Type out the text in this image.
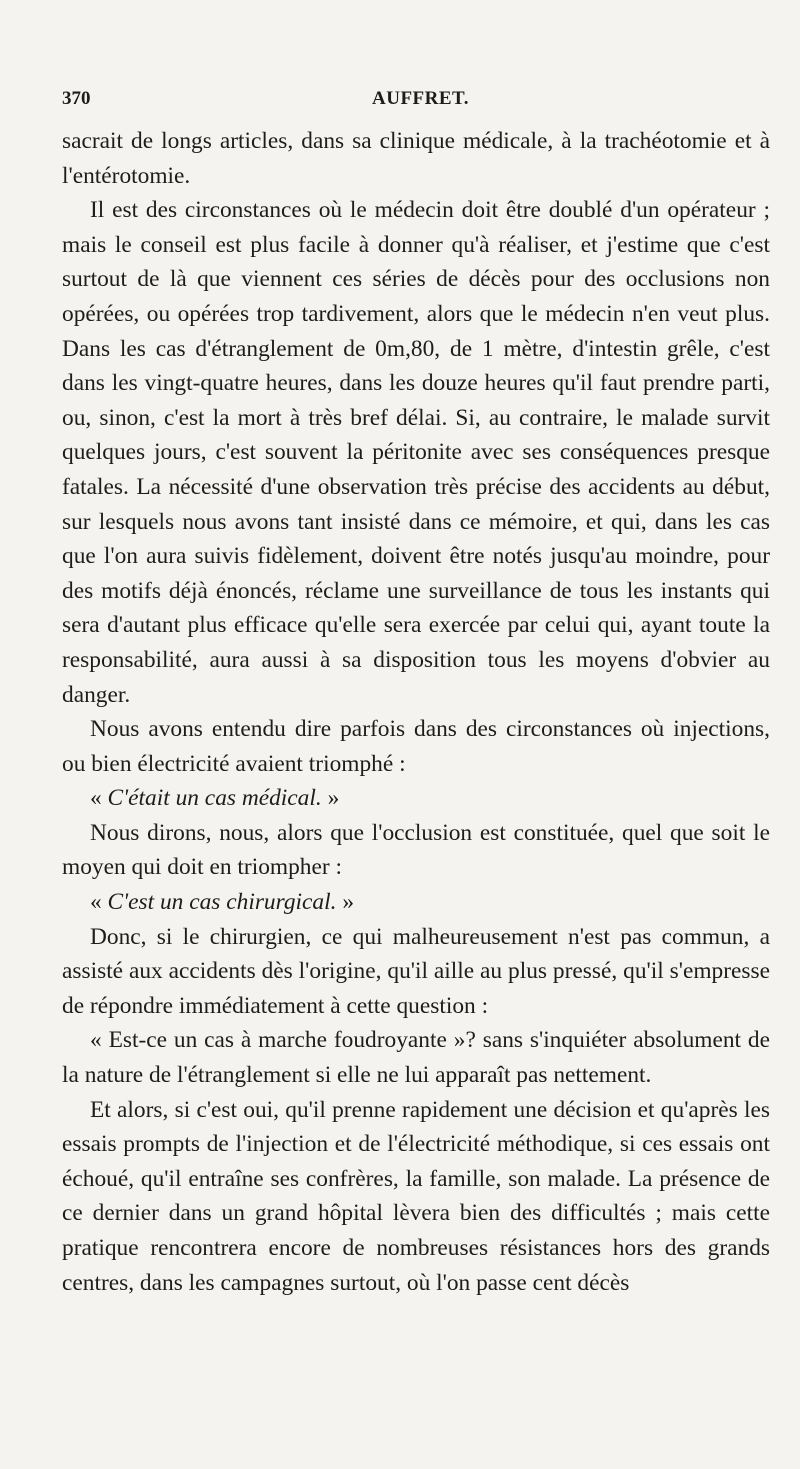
370	AUFFRET.

sacrait de longs articles, dans sa clinique médicale, à la trachéotomie et à l'entérotomie.

Il est des circonstances où le médecin doit être doublé d'un opérateur ; mais le conseil est plus facile à donner qu'à réaliser, et j'estime que c'est surtout de là que viennent ces séries de décès pour des occlusions non opérées, ou opérées trop tardivement, alors que le médecin n'en veut plus. Dans les cas d'étranglement de 0m,80, de 1 mètre, d'intestin grêle, c'est dans les vingt-quatre heures, dans les douze heures qu'il faut prendre parti, ou, sinon, c'est la mort à très bref délai. Si, au contraire, le malade survit quelques jours, c'est souvent la péritonite avec ses conséquences presque fatales. La nécessité d'une observation très précise des accidents au début, sur lesquels nous avons tant insisté dans ce mémoire, et qui, dans les cas que l'on aura suivis fidèlement, doivent être notés jusqu'au moindre, pour des motifs déjà énoncés, réclame une surveillance de tous les instants qui sera d'autant plus efficace qu'elle sera exercée par celui qui, ayant toute la responsabilité, aura aussi à sa disposition tous les moyens d'obvier au danger.

Nous avons entendu dire parfois dans des circonstances où injections, ou bien électricité avaient triomphé :

« C'était un cas médical. »

Nous dirons, nous, alors que l'occlusion est constituée, quel que soit le moyen qui doit en triompher :

« C'est un cas chirurgical. »

Donc, si le chirurgien, ce qui malheureusement n'est pas commun, a assisté aux accidents dès l'origine, qu'il aille au plus pressé, qu'il s'empresse de répondre immédiatement à cette question :

« Est-ce un cas à marche foudroyante »? sans s'inquiéter absolument de la nature de l'étranglement si elle ne lui apparaît pas nettement.

Et alors, si c'est oui, qu'il prenne rapidement une décision et qu'après les essais prompts de l'injection et de l'électricité méthodique, si ces essais ont échoué, qu'il entraîne ses confrères, la famille, son malade. La présence de ce dernier dans un grand hôpital lèvera bien des difficultés ; mais cette pratique rencontrera encore de nombreuses résistances hors des grands centres, dans les campagnes surtout, où l'on passe cent décès
